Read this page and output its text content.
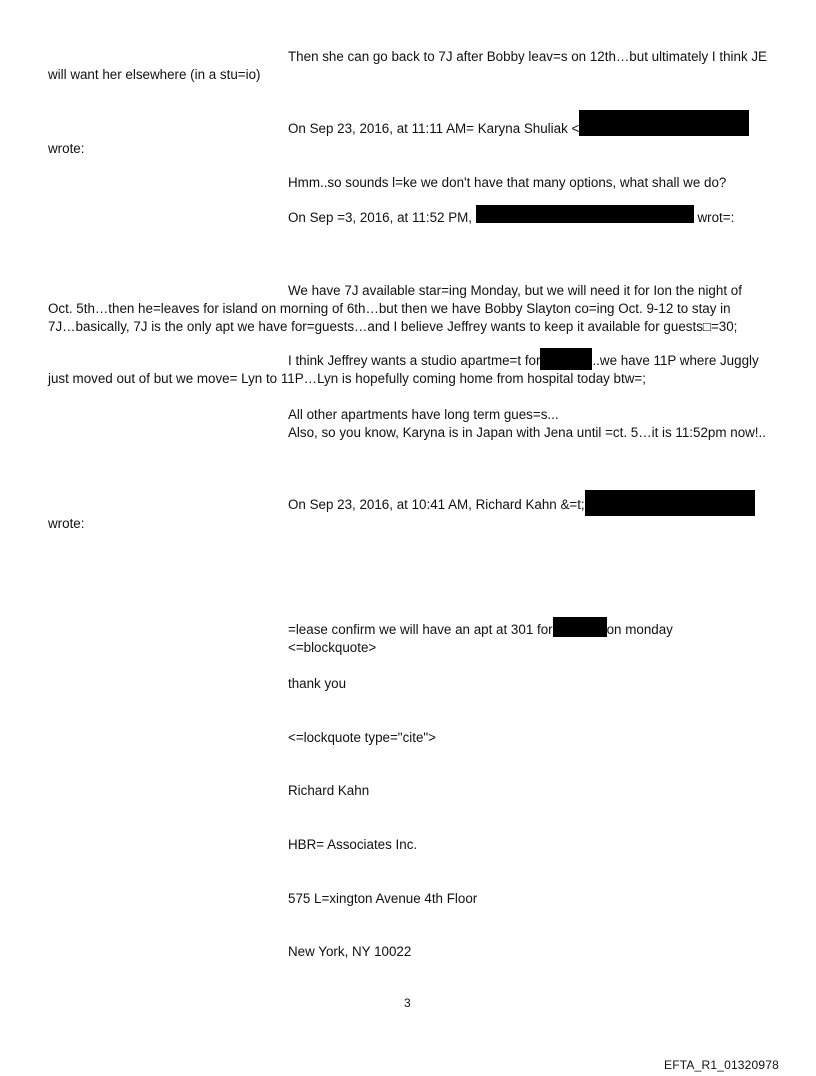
Then she can go back to 7J after Bobby leav=s on 12th…but ultimately I think JE
will want her elsewhere (in a stu=io)
On Sep 23, 2016, at 11:11 AM= Karyna Shuliak <
wrote:
Hmm..so sounds l=ke we don't have that many options, what shall we do?
On Sep =3, 2016, at 11:52 PM,	wrot=:
We have 7J available star=ing Monday, but we will need it for Ion the night of
Oct. 5th…then he=leaves for island on morning of 6th…but then we have Bobby Slayton co=ing Oct. 9-12 to stay in
7J…basically, 7J is the only apt we have for=guests…and I believe Jeffrey wants to keep it available for guests□=30;
I think Jeffrey wants a studio apartme=t for	..we have 11P where Juggly
just moved out of but we move= Lyn to 11P…Lyn is hopefully coming home from hospital today btw=;
All other apartments have long term gues=s...
Also, so you know, Karyna is in Japan with Jena until =ct. 5…it is 11:52pm now!..
On Sep 23, 2016, at 10:41 AM, Richard Kahn &=t;
wrote:
=lease confirm we will have an apt at 301 for	on monday
<=blockquote>
thank you
<=lockquote type="cite">
Richard Kahn
HBR= Associates Inc.
575 L=xington Avenue 4th Floor
New York, NY 10022
3
EFTA_R1_01320978
